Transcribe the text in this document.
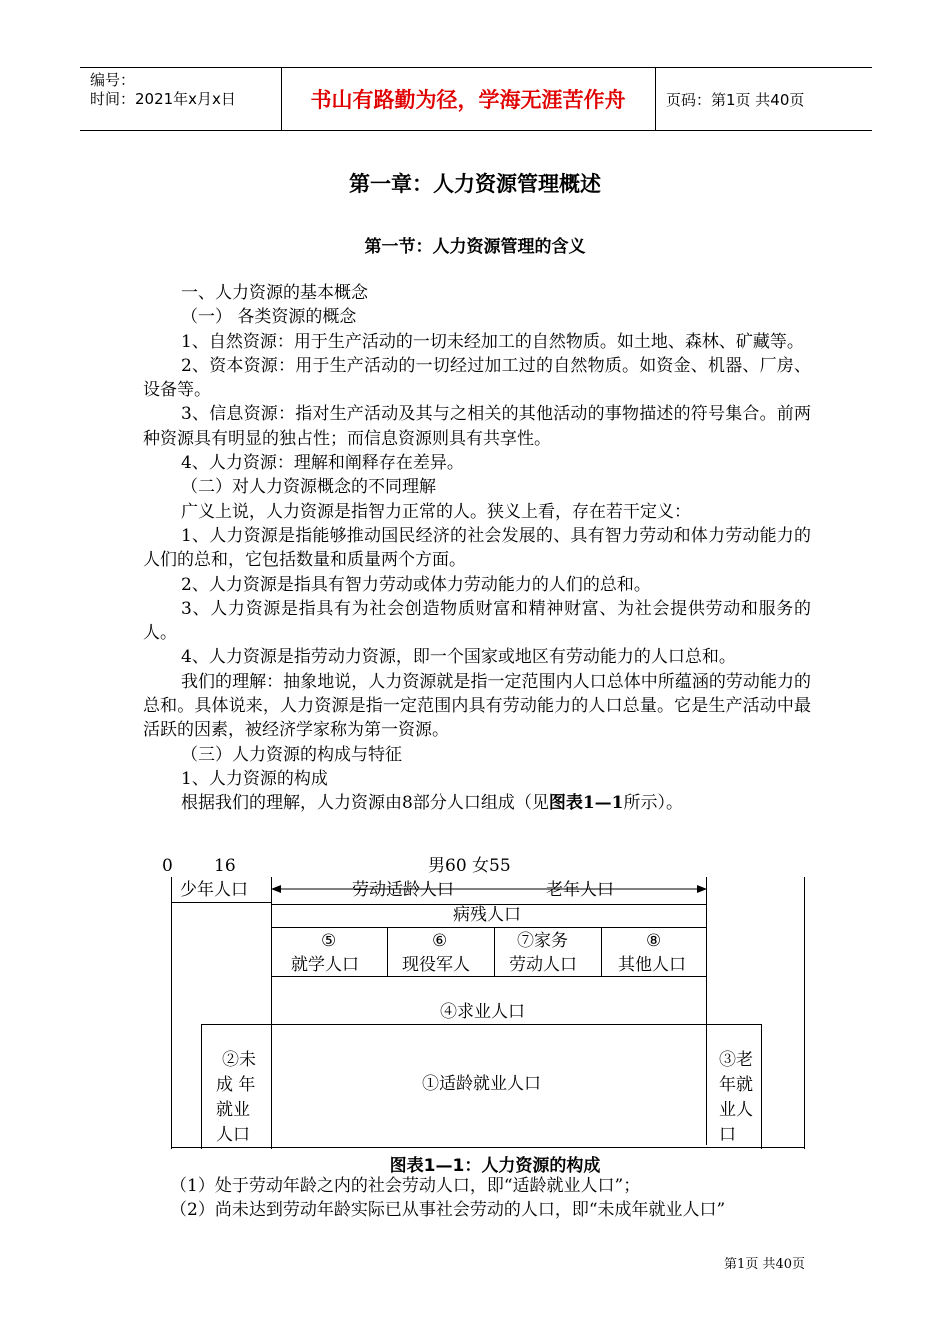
编号：
时间：2021年x月x日	书山有路勤为径，学海无涯苦作舟	页码：第1页 共40页
第一章：人力资源管理概述
第一节：人力资源管理的含义

一、人力资源的基本概念

（一） 各类资源的概念

1、自然资源：用于生产活动的一切未经加工的自然物质。如土地、森林、矿藏等。

2、资本资源：用于生产活动的一切经过加工过的自然物质。如资金、机器、厂房、设备等。

3、信息资源：指对生产活动及其与之相关的其他活动的事物描述的符号集合。前两种资源具有明显的独占性；而信息资源则具有共享性。

4、人力资源：理解和阐释存在差异。

（二）对人力资源概念的不同理解

广义上说，人力资源是指智力正常的人。狭义上看，存在若干定义：

1、人力资源是指能够推动国民经济的社会发展的、具有智力劳动和体力劳动能力的人们的总和，它包括数量和质量两个方面。

2、人力资源是指具有智力劳动或体力劳动能力的人们的总和。

3、人力资源是指具有为社会创造物质财富和精神财富、为社会提供劳动和服务的人。

4、人力资源是指劳动力资源，即一个国家或地区有劳动能力的人口总和。

我们的理解：抽象地说，人力资源就是指一定范围内人口总体中所蕴涵的劳动能力的总和。具体说来，人力资源是指一定范围内具有劳动能力的人口总量。它是生产活动中最活跃的因素，被经济学家称为第一资源。

（三）人力资源的构成与特征

1、人力资源的构成

根据我们的理解，人力资源由8部分人口组成（见图表1—1所示）。

0 16	男60 女55
少年人口	劳动适龄人口	老年人口
病残人口
⑤
就学人口
⑥
现役军人
⑦家务
劳动人口
⑧
其他人口
④求业人口
②未
成 年
就业
人口
①适龄就业人口
③老
年就
业人
口
图表1—1：人力资源的构成

（1）处于劳动年龄之内的社会劳动人口，即“适龄就业人口”；

（2）尚未达到劳动年龄实际已从事社会劳动的人口，即“未成年就业人口”

第1页 共40页
